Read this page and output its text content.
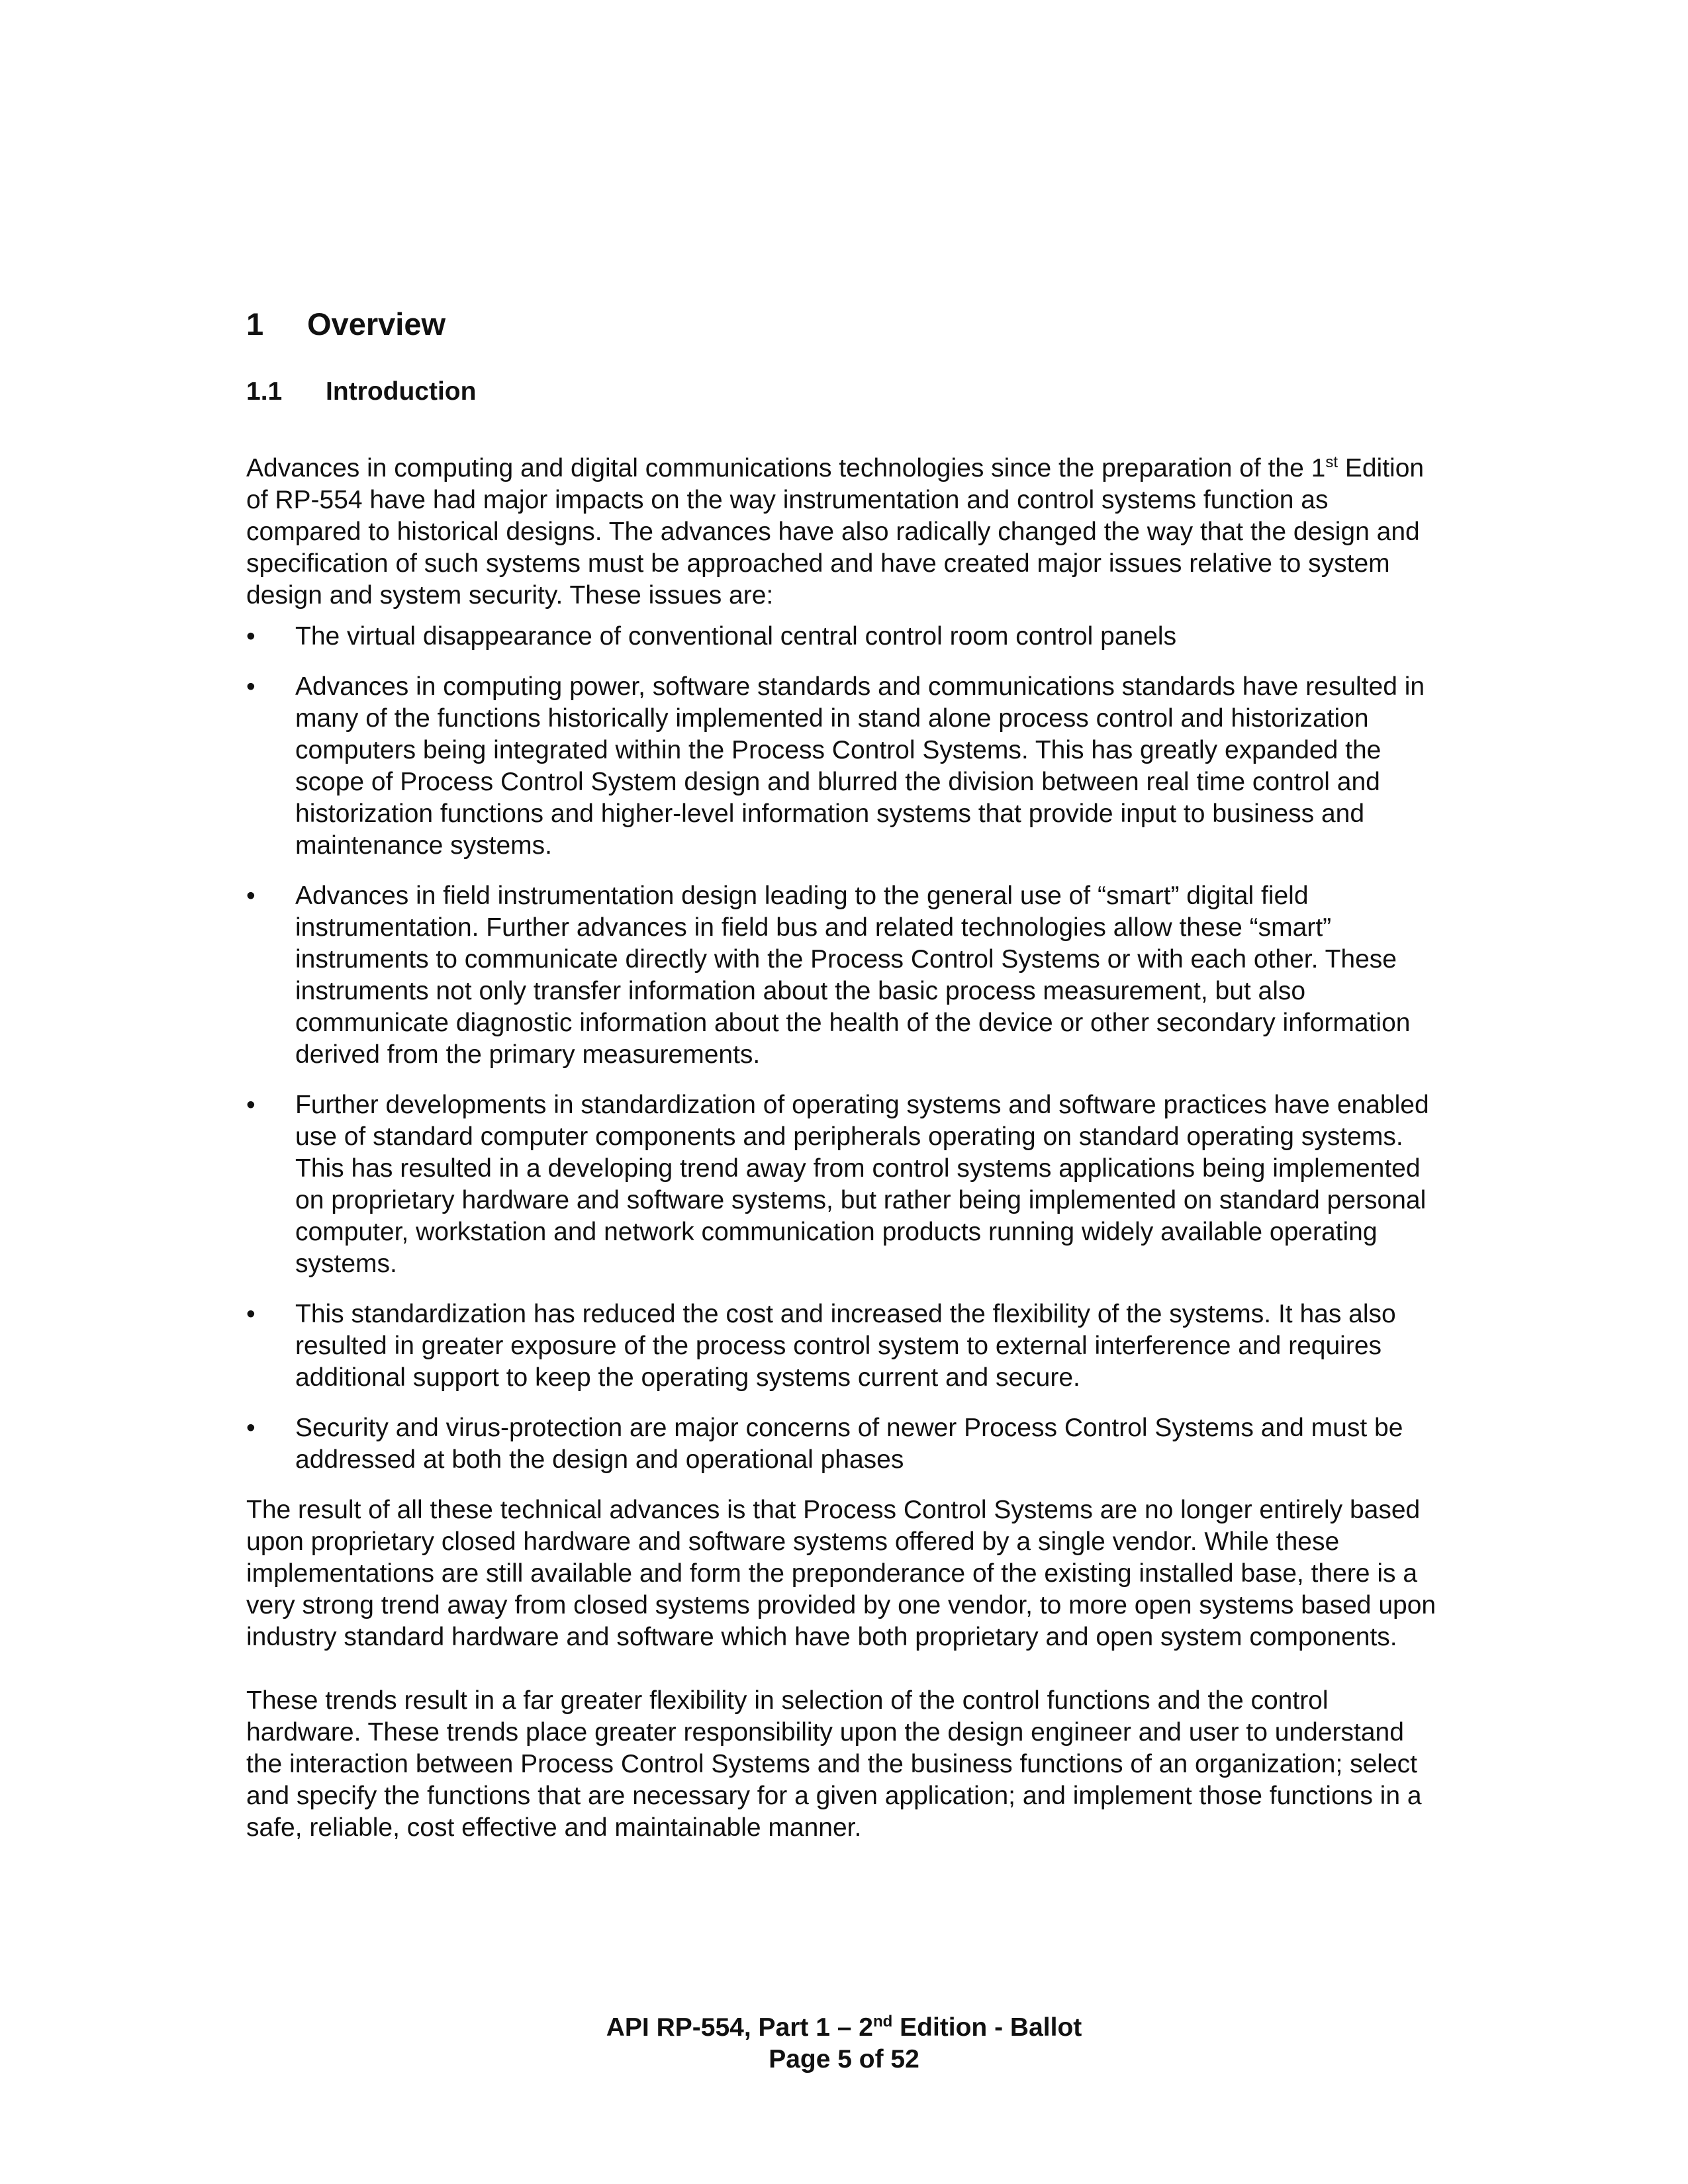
1	Overview
1.1	Introduction

Advances in computing and digital communications technologies since the preparation of the 1st Edition of RP-554 have had major impacts on the way instrumentation and control systems function as compared to historical designs. The advances have also radically changed the way that the design and specification of such systems must be approached and have created major issues relative to system design and system security. These issues are:

•	The virtual disappearance of conventional central control room control panels
•	Advances in computing power, software standards and communications standards have resulted in many of the functions historically implemented in stand alone process control and historization computers being integrated within the Process Control Systems. This has greatly expanded the scope of Process Control System design and blurred the division between real time control and historization functions and higher-level information systems that provide input to business and maintenance systems.
•	Advances in field instrumentation design leading to the general use of “smart” digital field instrumentation. Further advances in field bus and related technologies allow these “smart” instruments to communicate directly with the Process Control Systems or with each other. These instruments not only transfer information about the basic process measurement, but also communicate diagnostic information about the health of the device or other secondary information derived from the primary measurements.
•	Further developments in standardization of operating systems and software practices have enabled use of standard computer components and peripherals operating on standard operating systems. This has resulted in a developing trend away from control systems applications being implemented on proprietary hardware and software systems, but rather being implemented on standard personal computer, workstation and network communication products running widely available operating systems.
•	This standardization has reduced the cost and increased the flexibility of the systems. It has also resulted in greater exposure of the process control system to external interference and requires additional support to keep the operating systems current and secure.
•	Security and virus-protection are major concerns of newer Process Control Systems and must be addressed at both the design and operational phases

The result of all these technical advances is that Process Control Systems are no longer entirely based upon proprietary closed hardware and software systems offered by a single vendor. While these implementations are still available and form the preponderance of the existing installed base, there is a very strong trend away from closed systems provided by one vendor, to more open systems based upon industry standard hardware and software which have both proprietary and open system components.

These trends result in a far greater flexibility in selection of the control functions and the control hardware. These trends place greater responsibility upon the design engineer and user to understand the interaction between Process Control Systems and the business functions of an organization; select and specify the functions that are necessary for a given application; and implement those functions in a safe, reliable, cost effective and maintainable manner.

API RP-554, Part 1 – 2nd Edition - Ballot
Page 5 of 52
